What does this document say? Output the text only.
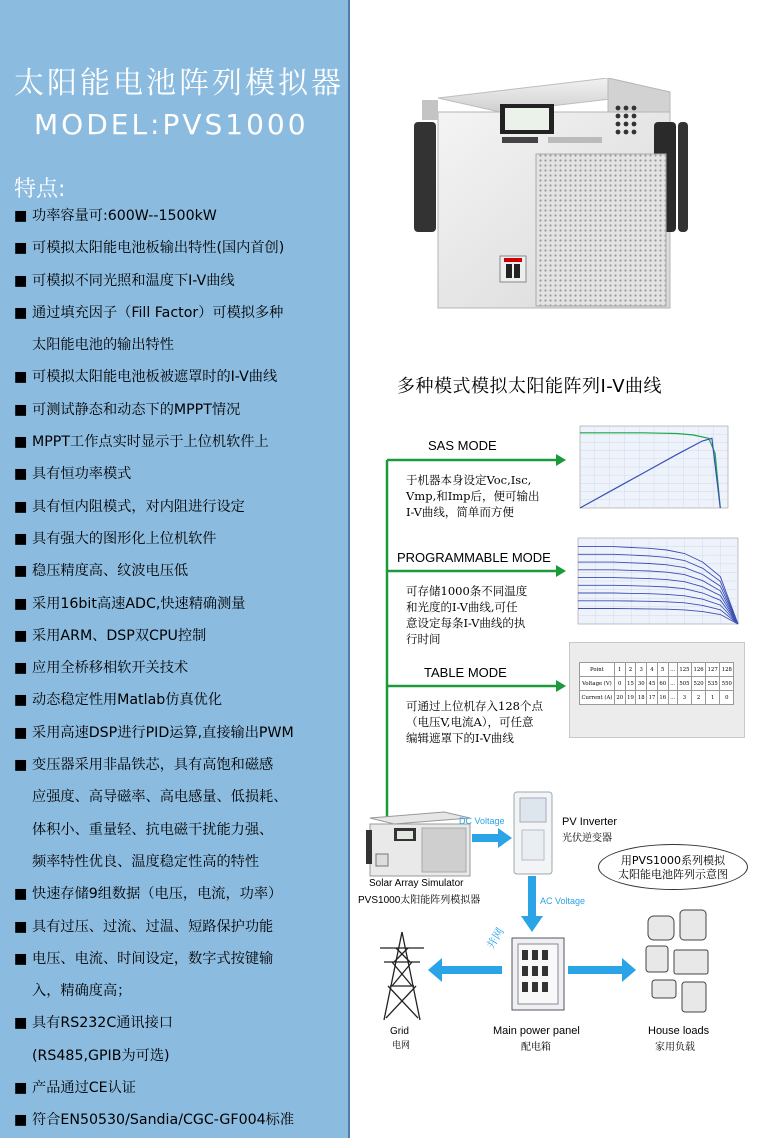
太阳能电池阵列模拟器
MODEL:PVS1000
特点:
■ 功率容量可:600W--1500kW
■ 可模拟太阳能电池板输出特性(国内首创)
■ 可模拟不同光照和温度下I-V曲线
■ 通过填充因子（Fill Factor）可模拟多种
太阳能电池的输出特性
■ 可模拟太阳能电池板被遮罩时的I-V曲线
■ 可测试静态和动态下的MPPT情况
■ MPPT工作点实时显示于上位机软件上
■ 具有恒功率模式
■ 具有恒内阻模式，对内阻进行设定
■ 具有强大的图形化上位机软件
■ 稳压精度高、纹波电压低
■ 采用16bit高速ADC,快速精确测量
■ 采用ARM、DSP双CPU控制
■ 应用全桥移相软开关技术
■ 动态稳定性用Matlab仿真优化
■ 采用高速DSP进行PID运算,直接输出PWM
■ 变压器采用非晶铁芯，具有高饱和磁感
应强度、高导磁率、高电感量、低损耗、
体积小、重量轻、抗电磁干扰能力强、
频率特性优良、温度稳定性高的特性
■ 快速存储9组数据（电压，电流，功率）
■ 具有过压、过流、过温、短路保护功能
■ 电压、电流、时间设定，数字式按键输
入，精确度高；
■ 具有RS232C通讯接口
(RS485,GPIB为可选)
■ 产品通过CE认证
■ 符合EN50530/Sandia/CGC-GF004标准
多种模式模拟太阳能阵列I-V曲线
SAS MODE
于机器本身设定Voc,Isc,
Vmp,和Imp后，便可输出
I-V曲线，简单而方便
PROGRAMMABLE MODE
可存储1000条不同温度
和光度的I-V曲线,可任
意设定每条I-V曲线的执
行时间
TABLE MODE
可通过上位机存入128个点
（电压V,电流A），可任意
编辑遮罩下的I-V曲线
Point	1	2	3	4	5	…	125	126	127	128
Voltage (V)	0	15	30	45	60	…	505	520	535	550
Current (A)	20	19	18	17	16	…	3	2	1	0
Solar Array Simulator
PVS1000太阳能阵列模拟器
DC Voltage	PV Inverter
光伏逆变器
用PVS1000系列模拟
太阳能电池阵列示意图
AC Voltage
Grid
电网
并网
Main power panel
配电箱
House loads
家用负载
